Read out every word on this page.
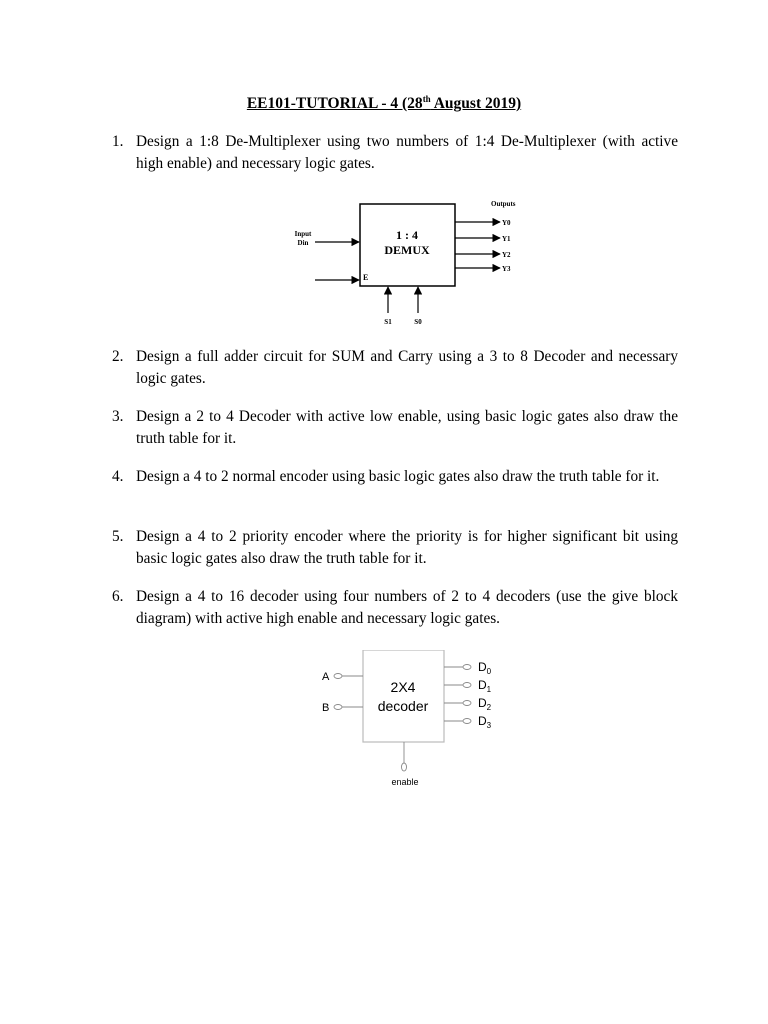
EE101-TUTORIAL - 4 (28th August 2019)
1. Design a 1:8 De-Multiplexer using two numbers of 1:4 De-Multiplexer (with active high enable) and necessary logic gates.
1 : 4
DEMUX
Outputs
Y0
Y1
Y2
Y3
Input
Din
E
S1	S0
2. Design a full adder circuit for SUM and Carry using a 3 to 8 Decoder and necessary logic gates.
3. Design a 2 to 4 Decoder with active low enable, using basic logic gates also draw the truth table for it.
4. Design a 4 to 2 normal encoder using basic logic gates also draw the truth table for it.
5. Design a 4 to 2 priority encoder where the priority is for higher significant bit using basic logic gates also draw the truth table for it.
6. Design a 4 to 16 decoder using four numbers of 2 to 4 decoders (use the give block diagram) with active high enable and necessary logic gates.
2X4
decoder
A
B
$D_0$
$D_1$
$D_2$
$D_3$
enable
